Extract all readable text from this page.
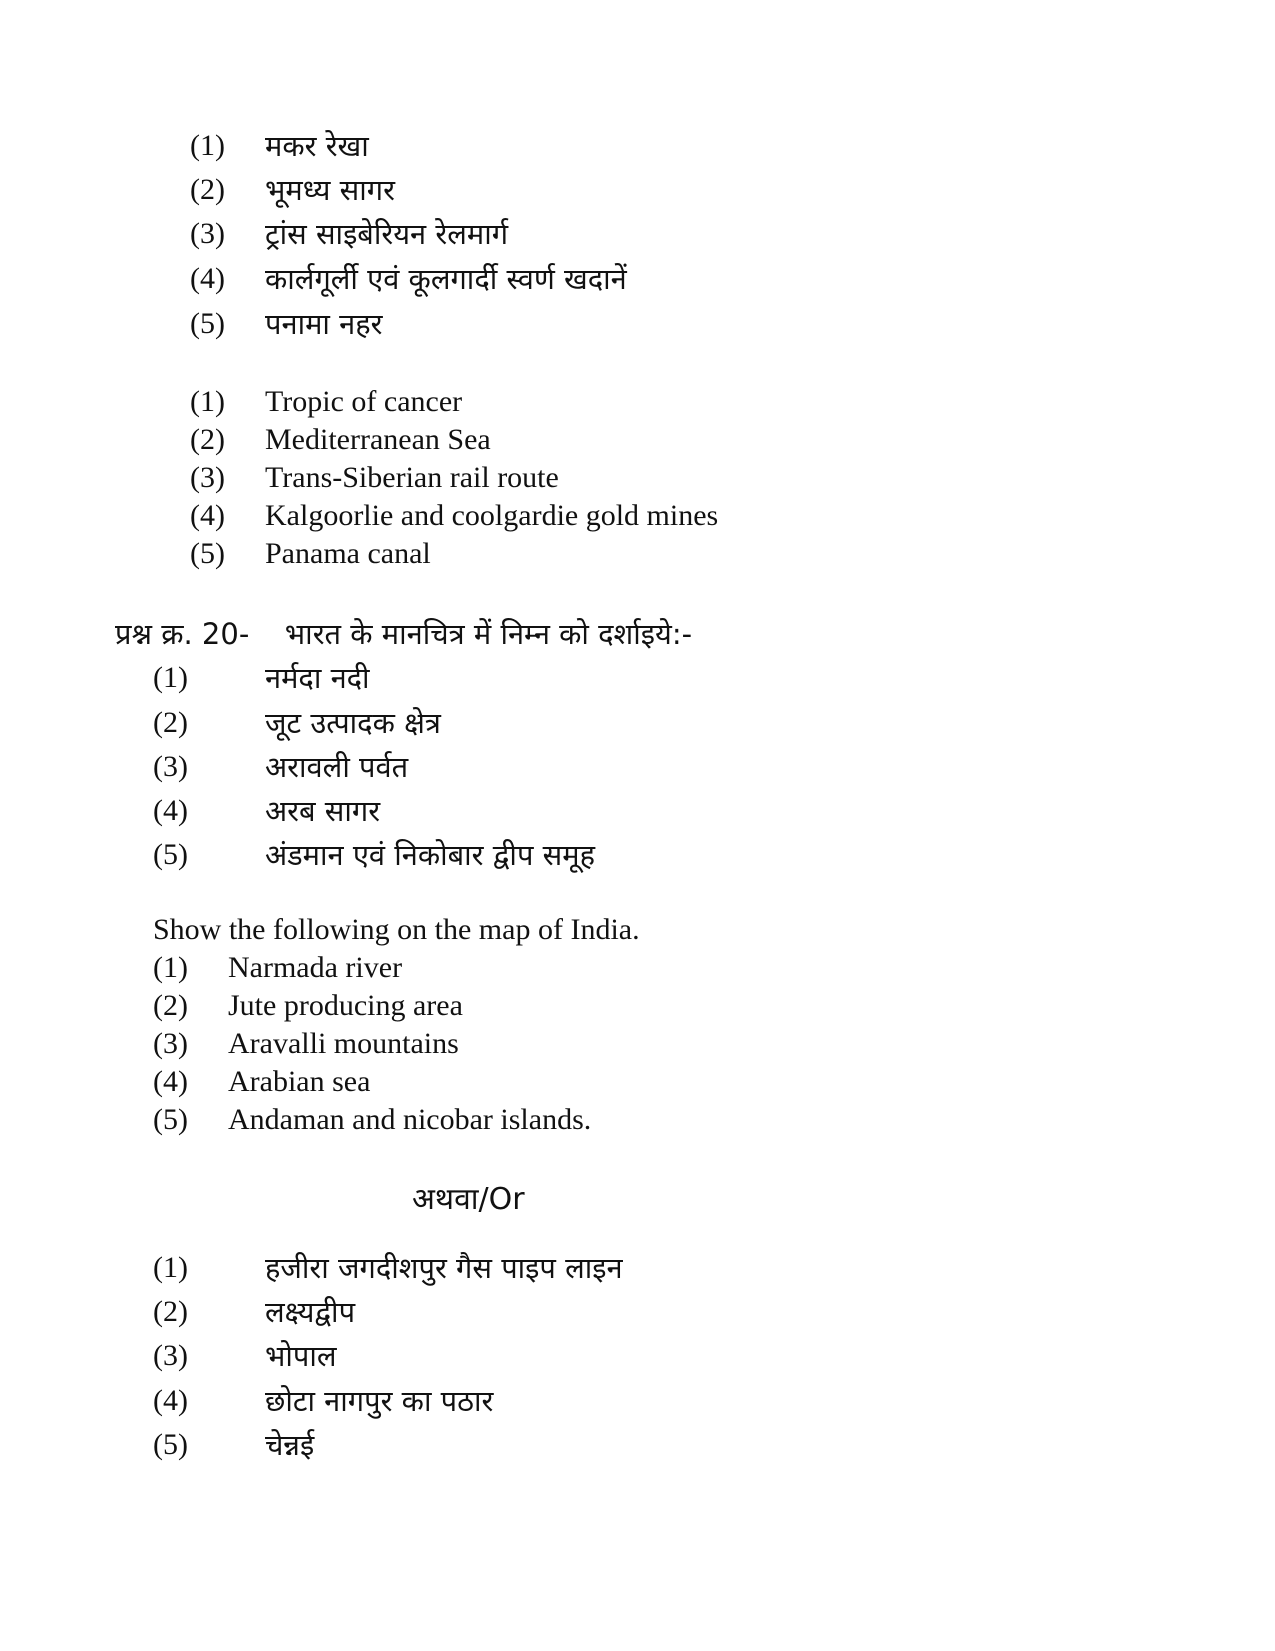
(1) मकर रेखा
(2) भूमध्य सागर
(3) ट्रांस साइबेरियन रेलमार्ग
(4) कार्लगूर्ली एवं कूलगार्दी स्वर्ण खदानें
(5) पनामा नहर
(1) Tropic of cancer
(2) Mediterranean Sea
(3) Trans-Siberian rail route
(4) Kalgoorlie and coolgardie gold mines
(5) Panama canal
प्रश्न क्र. 20- भारत के मानचित्र में निम्न को दर्शाइये:-
(1)	नर्मदा नदी
(2)	जूट उत्पादक क्षेत्र
(3)	अरावली पर्वत
(4)	अरब सागर
(5)	अंडमान एवं निकोबार द्वीप समूह
Show the following on the map of India.
(1) Narmada river
(2) Jute producing area
(3) Aravalli mountains
(4) Arabian sea
(5) Andaman and nicobar islands.
अथवा/Or
(1)	हजीरा जगदीशपुर गैस पाइप लाइन
(2)	लक्ष्यद्वीप
(3)	भोपाल
(4)	छोटा नागपुर का पठार
(5)	चेन्नई
